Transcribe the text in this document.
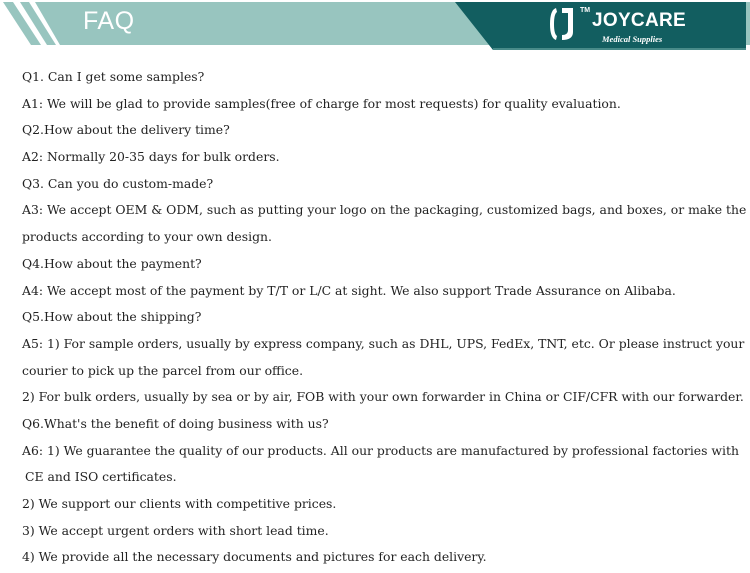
FAQ	TM JOYCARE
Medical Supplies
Q1. Can I get some samples?
A1: We will be glad to provide samples(free of charge for most requests) for quality evaluation.
Q2.How about the delivery time?
A2: Normally 20-35 days for bulk orders.
Q3. Can you do custom-made?
A3: We accept OEM & ODM, such as putting your logo on the packaging, customized bags, and boxes, or make the
products according to your own design.
Q4.How about the payment?
A4: We accept most of the payment by T/T or L/C at sight. We also support Trade Assurance on Alibaba.
Q5.How about the shipping?
A5: 1) For sample orders, usually by express company, such as DHL, UPS, FedEx, TNT, etc. Or please instruct your
courier to pick up the parcel from our office.
2) For bulk orders, usually by sea or by air, FOB with your own forwarder in China or CIF/CFR with our forwarder.
Q6.What's the benefit of doing business with us?
A6: 1) We guarantee the quality of our products. All our products are manufactured by professional factories with
CE and ISO certificates.
2) We support our clients with competitive prices.
3) We accept urgent orders with short lead time.
4) We provide all the necessary documents and pictures for each delivery.
